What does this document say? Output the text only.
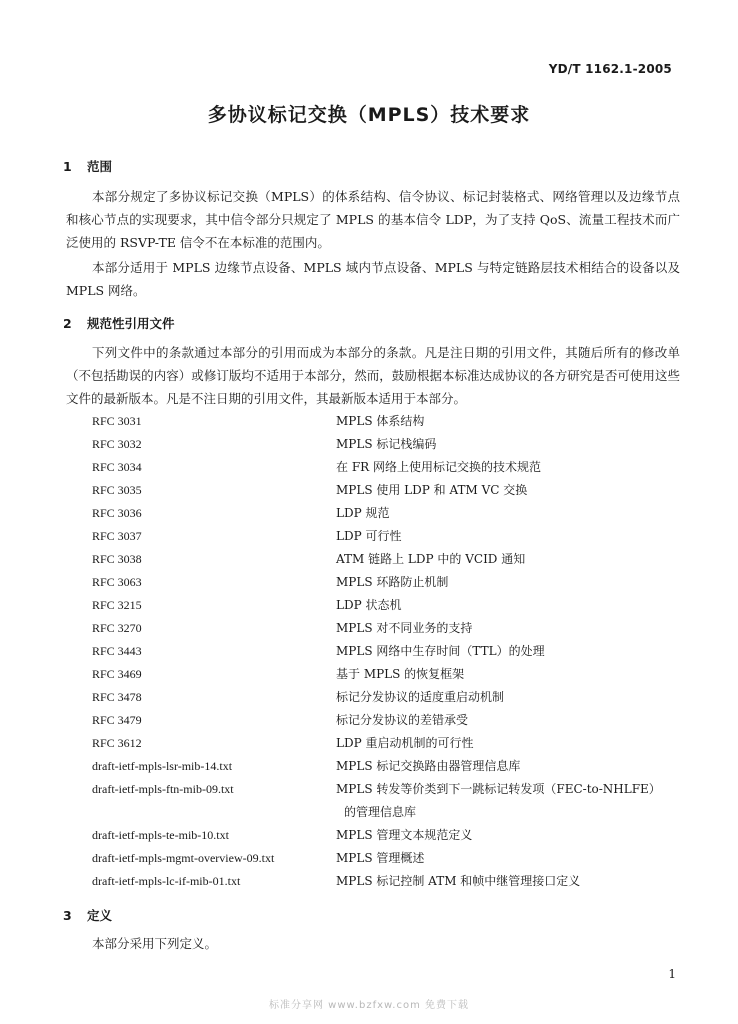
YD/T 1162.1-2005
多协议标记交换（MPLS）技术要求
1 范围
本部分规定了多协议标记交换（MPLS）的体系结构、信令协议、标记封装格式、网络管理以及边缘节点和核心节点的实现要求，其中信令部分只规定了 MPLS 的基本信令 LDP，为了支持 QoS、流量工程技术而广泛使用的 RSVP-TE 信令不在本标准的范围内。
本部分适用于 MPLS 边缘节点设备、MPLS 域内节点设备、MPLS 与特定链路层技术相结合的设备以及 MPLS 网络。
2 规范性引用文件
下列文件中的条款通过本部分的引用而成为本部分的条款。凡是注日期的引用文件，其随后所有的修改单（不包括勘误的内容）或修订版均不适用于本部分，然而，鼓励根据本标准达成协议的各方研究是否可使用这些文件的最新版本。凡是不注日期的引用文件，其最新版本适用于本部分。
RFC 3031	MPLS 体系结构
RFC 3032	MPLS 标记栈编码
RFC 3034	在 FR 网络上使用标记交换的技术规范
RFC 3035	MPLS 使用 LDP 和 ATM VC 交换
RFC 3036	LDP 规范
RFC 3037	LDP 可行性
RFC 3038	ATM 链路上 LDP 中的 VCID 通知
RFC 3063	MPLS 环路防止机制
RFC 3215	LDP 状态机
RFC 3270	MPLS 对不同业务的支持
RFC 3443	MPLS 网络中生存时间（TTL）的处理
RFC 3469	基于 MPLS 的恢复框架
RFC 3478	标记分发协议的适度重启动机制
RFC 3479	标记分发协议的差错承受
RFC 3612	LDP 重启动机制的可行性
draft-ietf-mpls-lsr-mib-14.txt	MPLS 标记交换路由器管理信息库
draft-ietf-mpls-ftn-mib-09.txt	MPLS 转发等价类到下一跳标记转发项（FEC-to-NHLFE）
的管理信息库
draft-ietf-mpls-te-mib-10.txt	MPLS 管理文本规范定义
draft-ietf-mpls-mgmt-overview-09.txt	MPLS 管理概述
draft-ietf-mpls-lc-if-mib-01.txt	MPLS 标记控制 ATM 和帧中继管理接口定义
3 定义
本部分采用下列定义。
1
标准分享网 www.bzfxw.com 免费下载
